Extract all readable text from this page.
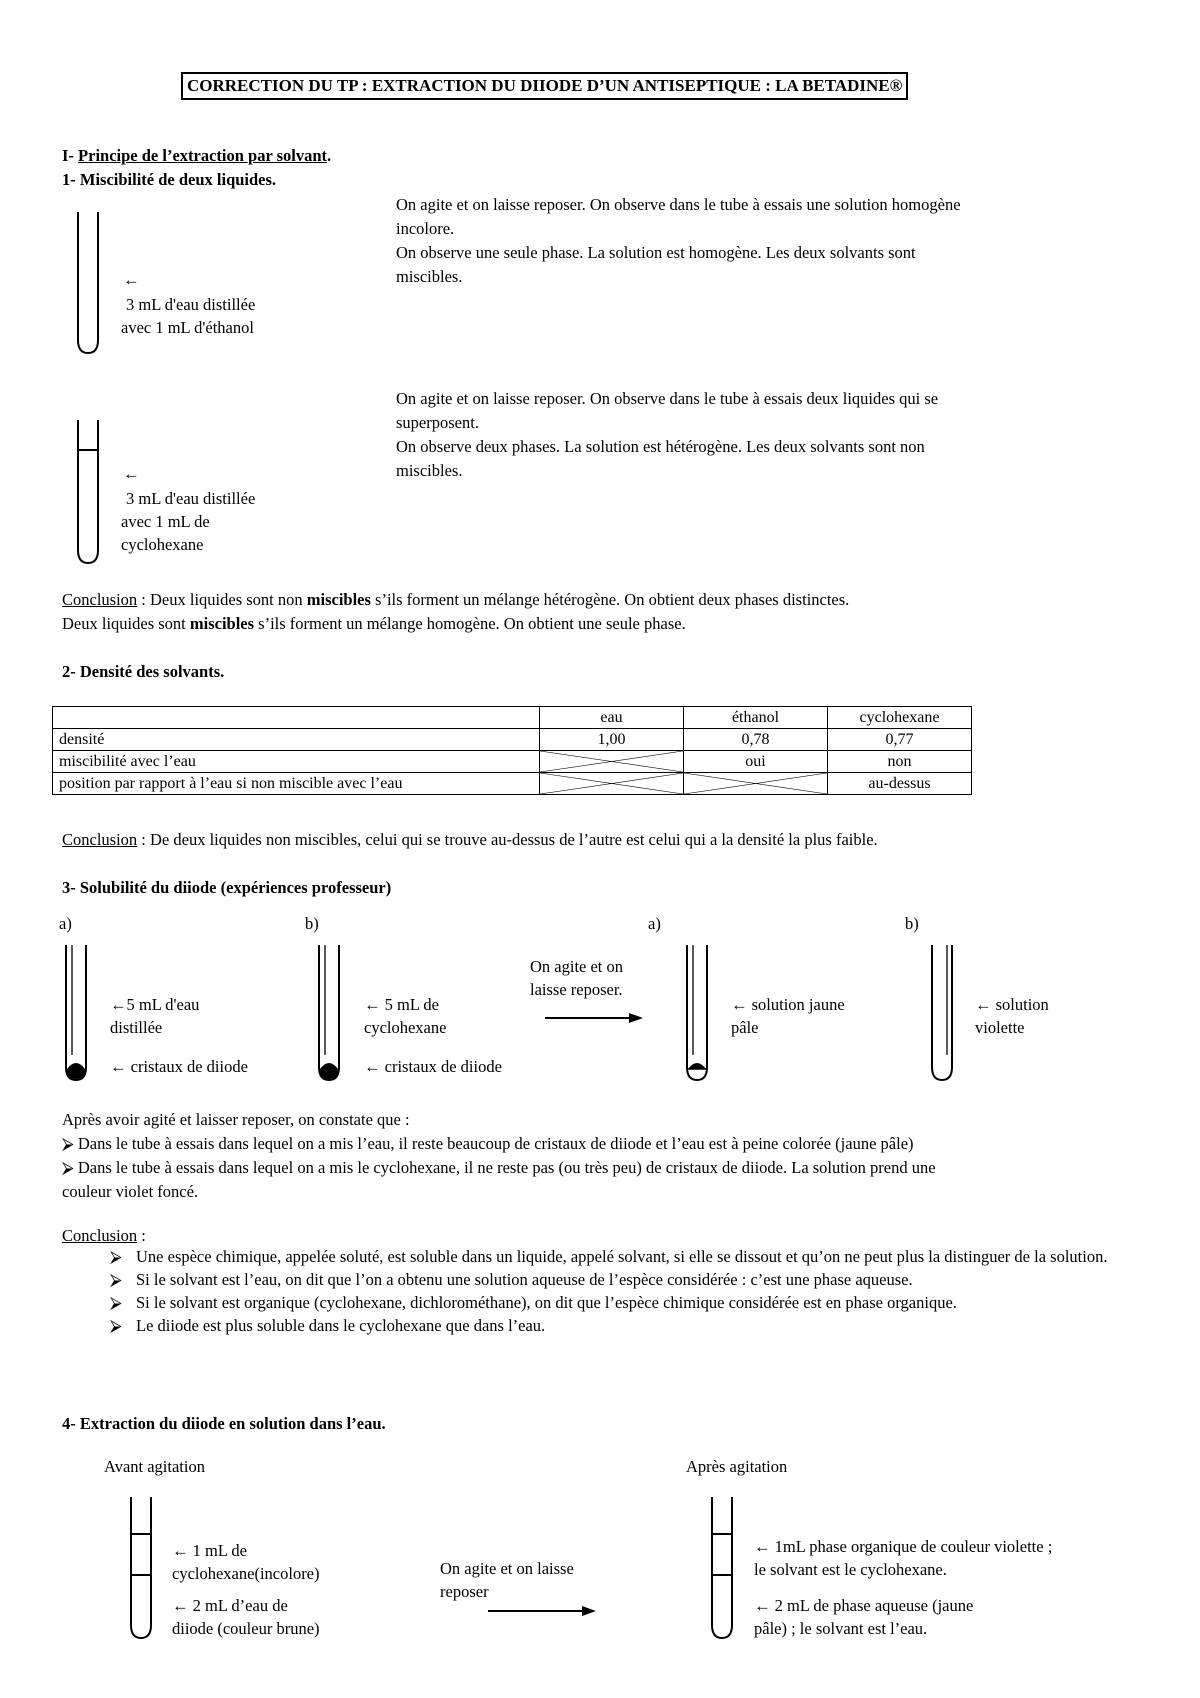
CORRECTION DU TP : EXTRACTION DU DIIODE D’UN ANTISEPTIQUE : LA BETADINE®
I- Principe de l’extraction par solvant.
1- Miscibilité de deux liquides.
←
3 mL d'eau distillée
avec 1 mL d'éthanol
On agite et on laisse reposer. On observe dans le tube à essais une solution homogène
incolore.
On observe une seule phase. La solution est homogène. Les deux solvants sont
miscibles.
←
3 mL d'eau distillée
avec 1 mL de
cyclohexane
On agite et on laisse reposer. On observe dans le tube à essais deux liquides qui se
superposent.
On observe deux phases. La solution est hétérogène. Les deux solvants sont non
miscibles.
Conclusion : Deux liquides sont non miscibles s’ils forment un mélange hétérogène. On obtient deux phases distinctes.
Deux liquides sont miscibles s’ils forment un mélange homogène. On obtient une seule phase.
2- Densité des solvants.
	eau	éthanol	cyclohexane
densité	1,00	0,78	0,77
miscibilité avec l’eau		oui	non
position par rapport à l’eau si non miscible avec l’eau			au-dessus
Conclusion : De deux liquides non miscibles, celui qui se trouve au-dessus de l’autre est celui qui a la densité la plus faible.
3- Solubilité du diiode (expériences professeur)
a)	b)	a)	b)
←5 mL d'eau
distillée
← cristaux de diiode
← 5 mL de
cyclohexane
← cristaux de diiode
On agite et on
laisse reposer.
← solution jaune
pâle
← solution
violette
Après avoir agité et laisser reposer, on constate que :
⮚ Dans le tube à essais dans lequel on a mis l’eau, il reste beaucoup de cristaux de diiode et l’eau est à peine colorée (jaune pâle)
⮚ Dans le tube à essais dans lequel on a mis le cyclohexane, il ne reste pas (ou très peu) de cristaux de diiode. La solution prend une
couleur violet foncé.
Conclusion :
⮚ Une espèce chimique, appelée soluté, est soluble dans un liquide, appelé solvant, si elle se dissout et qu’on ne peut plus la distinguer de la solution.
⮚ Si le solvant est l’eau, on dit que l’on a obtenu une solution aqueuse de l’espèce considérée : c’est une phase aqueuse.
⮚ Si le solvant est organique (cyclohexane, dichlorométhane), on dit que l’espèce chimique considérée est en phase organique.
⮚ Le diiode est plus soluble dans le cyclohexane que dans l’eau.
4- Extraction du diiode en solution dans l’eau.
Avant agitation	Après agitation
← 1 mL de
cyclohexane(incolore)
← 2 mL d’eau de
diiode (couleur brune)
On agite et on laisse
reposer
← 1mL phase organique de couleur violette ;
le solvant est le cyclohexane.
← 2 mL de phase aqueuse (jaune
pâle) ; le solvant est l’eau.
